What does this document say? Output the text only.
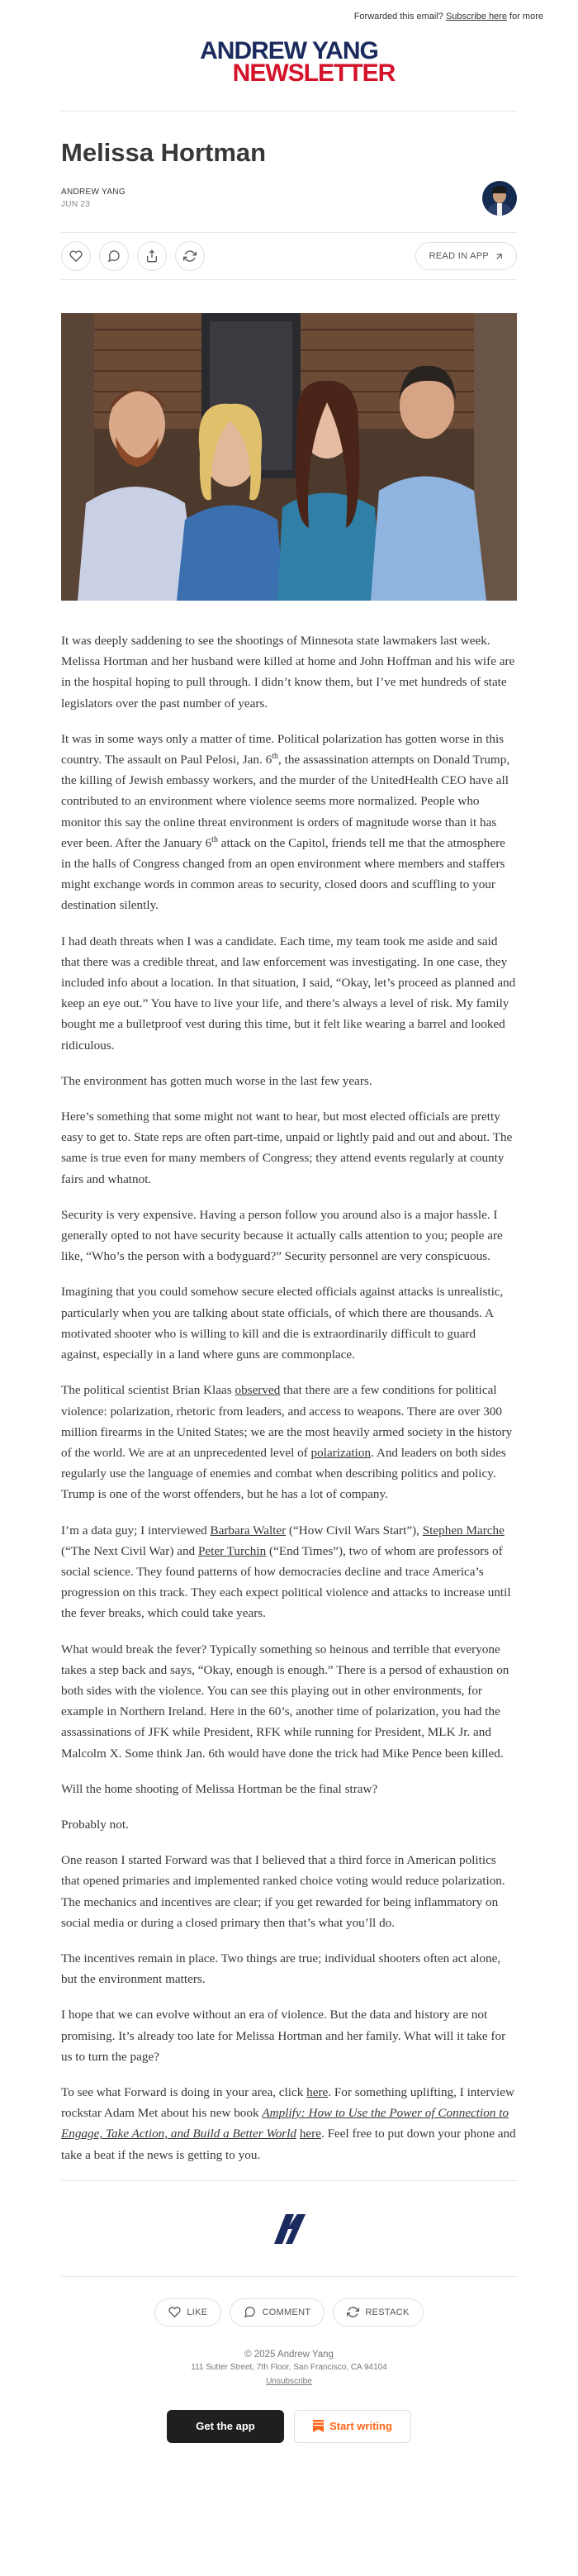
Forwarded this email? Subscribe here for more
ANDREW YANG
NEWSLETTER
Melissa Hortman
ANDREW YANG
JUN 23
READ IN APP

It was deeply saddening to see the shootings of Minnesota state lawmakers last week. Melissa Hortman and her husband were killed at home and John Hoffman and his wife are in the hospital hoping to pull through. I didn’t know them, but I’ve met hundreds of state legislators over the past number of years.

It was in some ways only a matter of time. Political polarization has gotten worse in this country. The assault on Paul Pelosi, Jan. 6th, the assassination attempts on Donald Trump, the killing of Jewish embassy workers, and the murder of the UnitedHealth CEO have all contributed to an environment where violence seems more normalized. People who monitor this say the online threat environment is orders of magnitude worse than it has ever been. After the January 6th attack on the Capitol, friends tell me that the atmosphere in the halls of Congress changed from an open environment where members and staffers might exchange words in common areas to security, closed doors and scuffling to your destination silently.

I had death threats when I was a candidate. Each time, my team took me aside and said that there was a credible threat, and law enforcement was investigating. In one case, they included info about a location. In that situation, I said, “Okay, let’s proceed as planned and keep an eye out.” You have to live your life, and there’s always a level of risk. My family bought me a bulletproof vest during this time, but it felt like wearing a barrel and looked ridiculous.

The environment has gotten much worse in the last few years.

Here’s something that some might not want to hear, but most elected officials are pretty easy to get to. State reps are often part-time, unpaid or lightly paid and out and about. The same is true even for many members of Congress; they attend events regularly at county fairs and whatnot.

Security is very expensive. Having a person follow you around also is a major hassle. I generally opted to not have security because it actually calls attention to you; people are like, “Who’s the person with a bodyguard?” Security personnel are very conspicuous.

Imagining that you could somehow secure elected officials against attacks is unrealistic, particularly when you are talking about state officials, of which there are thousands. A motivated shooter who is willing to kill and die is extraordinarily difficult to guard against, especially in a land where guns are commonplace.

The political scientist Brian Klaas observed that there are a few conditions for political violence: polarization, rhetoric from leaders, and access to weapons. There are over 300 million firearms in the United States; we are the most heavily armed society in the history of the world. We are at an unprecedented level of polarization. And leaders on both sides regularly use the language of enemies and combat when describing politics and policy. Trump is one of the worst offenders, but he has a lot of company.

I’m a data guy; I interviewed Barbara Walter (“How Civil Wars Start”), Stephen Marche (“The Next Civil War) and Peter Turchin (“End Times”), two of whom are professors of social science. They found patterns of how democracies decline and trace America’s progression on this track. They each expect political violence and attacks to increase until the fever breaks, which could take years.

What would break the fever? Typically something so heinous and terrible that everyone takes a step back and says, “Okay, enough is enough.” There is a persod of exhaustion on both sides with the violence. You can see this playing out in other environments, for example in Northern Ireland. Here in the 60’s, another time of polarization, you had the assassinations of JFK while President, RFK while running for President, MLK Jr. and Malcolm X. Some think Jan. 6th would have done the trick had Mike Pence been killed.

Will the home shooting of Melissa Hortman be the final straw?

Probably not.

One reason I started Forward was that I believed that a third force in American politics that opened primaries and implemented ranked choice voting would reduce polarization. The mechanics and incentives are clear; if you get rewarded for being inflammatory on social media or during a closed primary then that’s what you’ll do.

The incentives remain in place. Two things are true; individual shooters often act alone, but the environment matters.

I hope that we can evolve without an era of violence. But the data and history are not promising. It’s already too late for Melissa Hortman and her family. What will it take for us to turn the page?

To see what Forward is doing in your area, click here. For something uplifting, I interview rockstar Adam Met about his new book Amplify: How to Use the Power of Connection to Engage, Take Action, and Build a Better World here. Feel free to put down your phone and take a beat if the news is getting to you.

LIKE	COMMENT	RESTACK
© 2025 Andrew Yang
111 Sutter Street, 7th Floor, San Francisco, CA 94104
Unsubscribe
Get the app	Start writing
